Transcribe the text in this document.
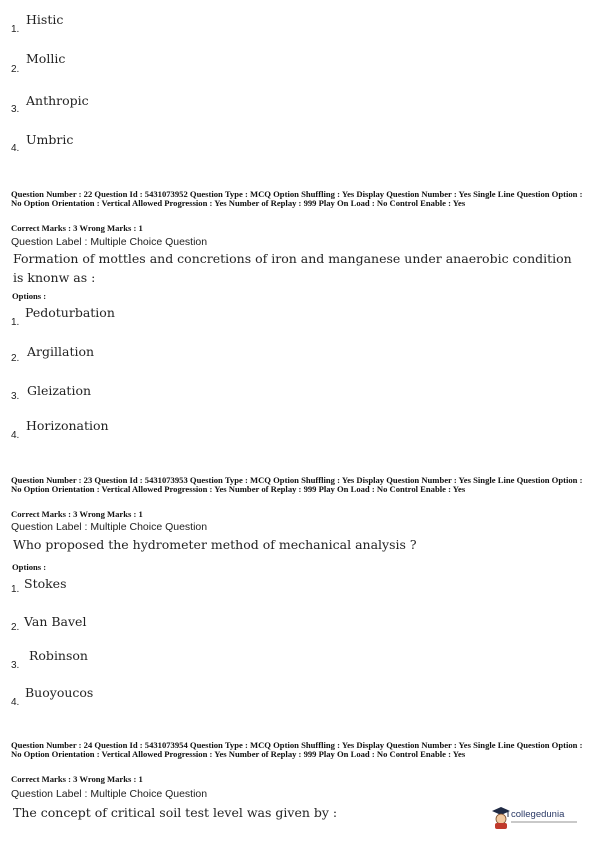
1.
Histic
2.
Mollic
3.
Anthropic
4.
Umbric
Question Number : 22 Question Id : 5431073952 Question Type : MCQ Option Shuffling : Yes Display Question Number : Yes Single Line Question Option : No Option Orientation : Vertical Allowed Progression : Yes Number of Replay : 999 Play On Load : No Control Enable : Yes
Correct Marks : 3 Wrong Marks : 1
Question Label : Multiple Choice Question
Formation of mottles and concretions of iron and manganese under anaerobic condition is knonw as :
Options :
1.
Pedoturbation
2. Argillation
3. Gleization
4.
Horizonation
Question Number : 23 Question Id : 5431073953 Question Type : MCQ Option Shuffling : Yes Display Question Number : Yes Single Line Question Option : No Option Orientation : Vertical Allowed Progression : Yes Number of Replay : 999 Play On Load : No Control Enable : Yes
Correct Marks : 3 Wrong Marks : 1
Question Label : Multiple Choice Question
Who proposed the hydrometer method of mechanical analysis ?
Options :
1. Stokes
2. Van Bavel
3.
Robinson
4.
Buoyoucos
Question Number : 24 Question Id : 5431073954 Question Type : MCQ Option Shuffling : Yes Display Question Number : Yes Single Line Question Option : No Option Orientation : Vertical Allowed Progression : Yes Number of Replay : 999 Play On Load : No Control Enable : Yes
Correct Marks : 3 Wrong Marks : 1
Question Label : Multiple Choice Question
The concept of critical soil test level was given by :	collegedunia
